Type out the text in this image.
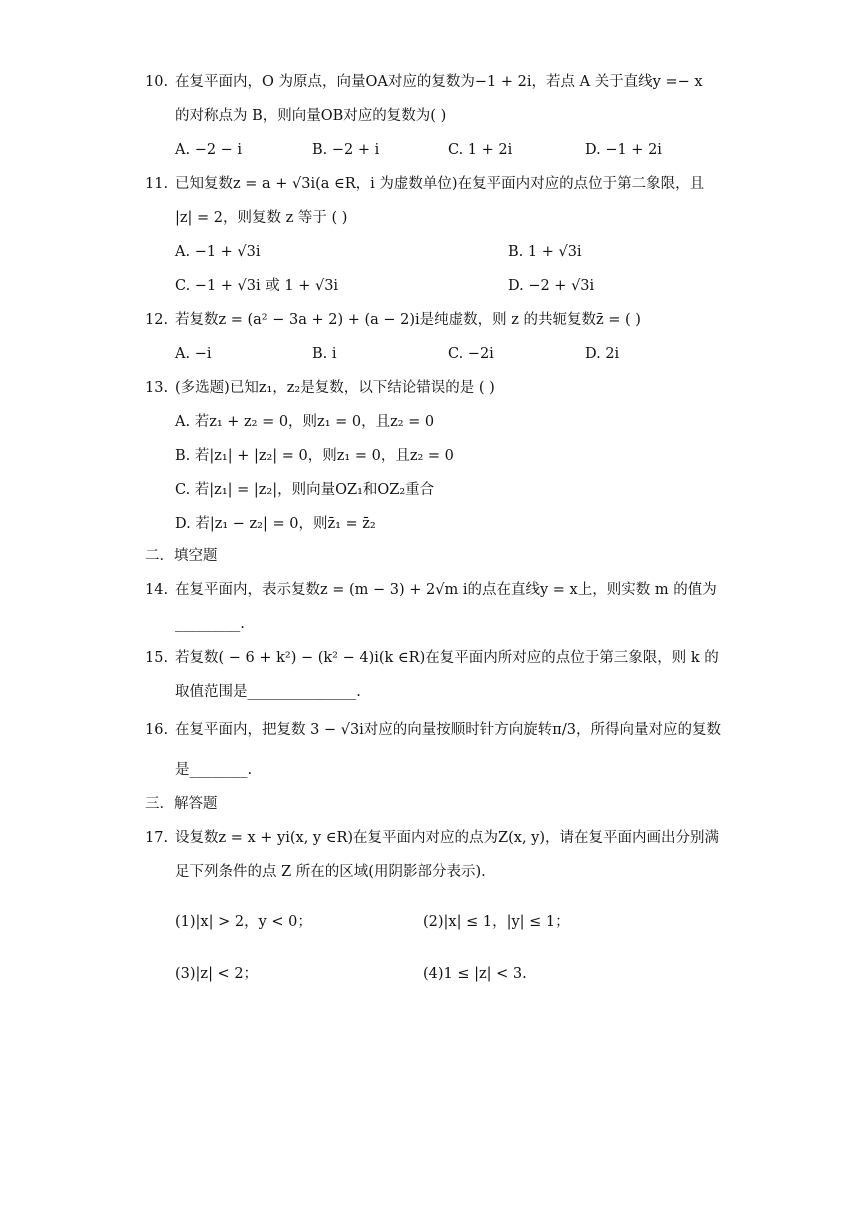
10. 在复平面内，O 为原点，向量OA对应的复数为−1 + 2i，若点 A 关于直线y =− x
的对称点为 B，则向量OB对应的复数为( )
A. −2 − i	B. −2 + i	C. 1 + 2i	D. −1 + 2i
11. 已知复数z = a + √3i(a ∈R，i 为虚数单位)在复平面内对应的点位于第二象限，且
|z| = 2，则复数 z 等于 ( )
A. −1 + √3i	B. 1 + √3i
C. −1 + √3i 或 1 + √3i	D. −2 + √3i
12. 若复数z = (a² − 3a + 2) + (a − 2)i是纯虚数，则 z 的共轭复数z̄ = ( )
A. −i	B. i	C. −2i	D. 2i
13. (多选题)已知z₁，z₂是复数，以下结论错误的是 ( )
A. 若z₁ + z₂ = 0，则z₁ = 0，且z₂ = 0
B. 若|z₁| + |z₂| = 0，则z₁ = 0，且z₂ = 0
C. 若|z₁| = |z₂|，则向量OZ₁和OZ₂重合
D. 若|z₁ − z₂| = 0，则z̄₁ = z̄₂
二．填空题
14. 在复平面内，表示复数z = (m − 3) + 2√m i的点在直线y = x上，则实数 m 的值为
_________.
15. 若复数( − 6 + k²) − (k² − 4)i(k ∈R)在复平面内所对应的点位于第三象限，则 k 的
取值范围是_______________.
16. 在复平面内，把复数 3 − √3i对应的向量按顺时针方向旋转π/3，所得向量对应的复数
是________.
三．解答题
17. 设复数z = x + yi(x, y ∈R)在复平面内对应的点为Z(x, y)，请在复平面内画出分别满
足下列条件的点 Z 所在的区域(用阴影部分表示).
(1)|x| > 2，y < 0；	(2)|x| ≤ 1，|y| ≤ 1；
(3)|z| < 2；	(4)1 ≤ |z| < 3.
